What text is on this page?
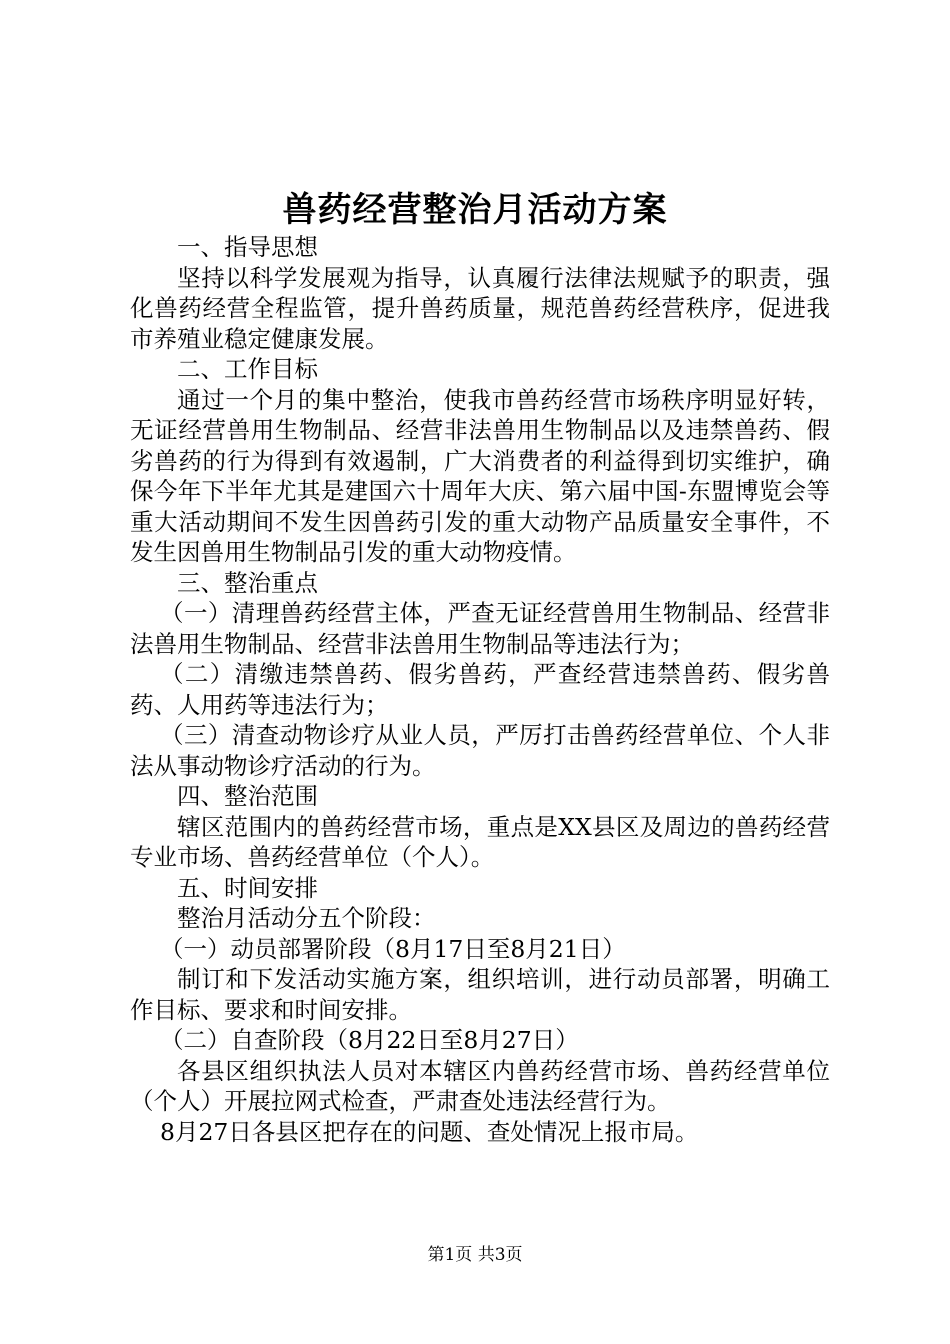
兽药经营整治月活动方案

一、指导思想

坚持以科学发展观为指导，认真履行法律法规赋予的职责，强化兽药经营全程监管，提升兽药质量，规范兽药经营秩序，促进我市养殖业稳定健康发展。

二、工作目标

通过一个月的集中整治，使我市兽药经营市场秩序明显好转，无证经营兽用生物制品、经营非法兽用生物制品以及违禁兽药、假劣兽药的行为得到有效遏制，广大消费者的利益得到切实维护，确保今年下半年尤其是建国六十周年大庆、第六届中国-东盟博览会等重大活动期间不发生因兽药引发的重大动物产品质量安全事件，不发生因兽用生物制品引发的重大动物疫情。

三、整治重点

（一）清理兽药经营主体，严查无证经营兽用生物制品、经营非法兽用生物制品、经营非法兽用生物制品等违法行为；

（二）清缴违禁兽药、假劣兽药，严查经营违禁兽药、假劣兽药、人用药等违法行为；

（三）清查动物诊疗从业人员，严厉打击兽药经营单位、个人非法从事动物诊疗活动的行为。

四、整治范围

辖区范围内的兽药经营市场，重点是XX县区及周边的兽药经营专业市场、兽药经营单位（个人）。

五、时间安排

整治月活动分五个阶段：

（一）动员部署阶段（8月17日至8月21日）

制订和下发活动实施方案，组织培训，进行动员部署，明确工作目标、要求和时间安排。

（二）自查阶段（8月22日至8月27日）

各县区组织执法人员对本辖区内兽药经营市场、兽药经营单位（个人）开展拉网式检查，严肃查处违法经营行为。

8月27日各县区把存在的问题、查处情况上报市局。

第1页 共3页
